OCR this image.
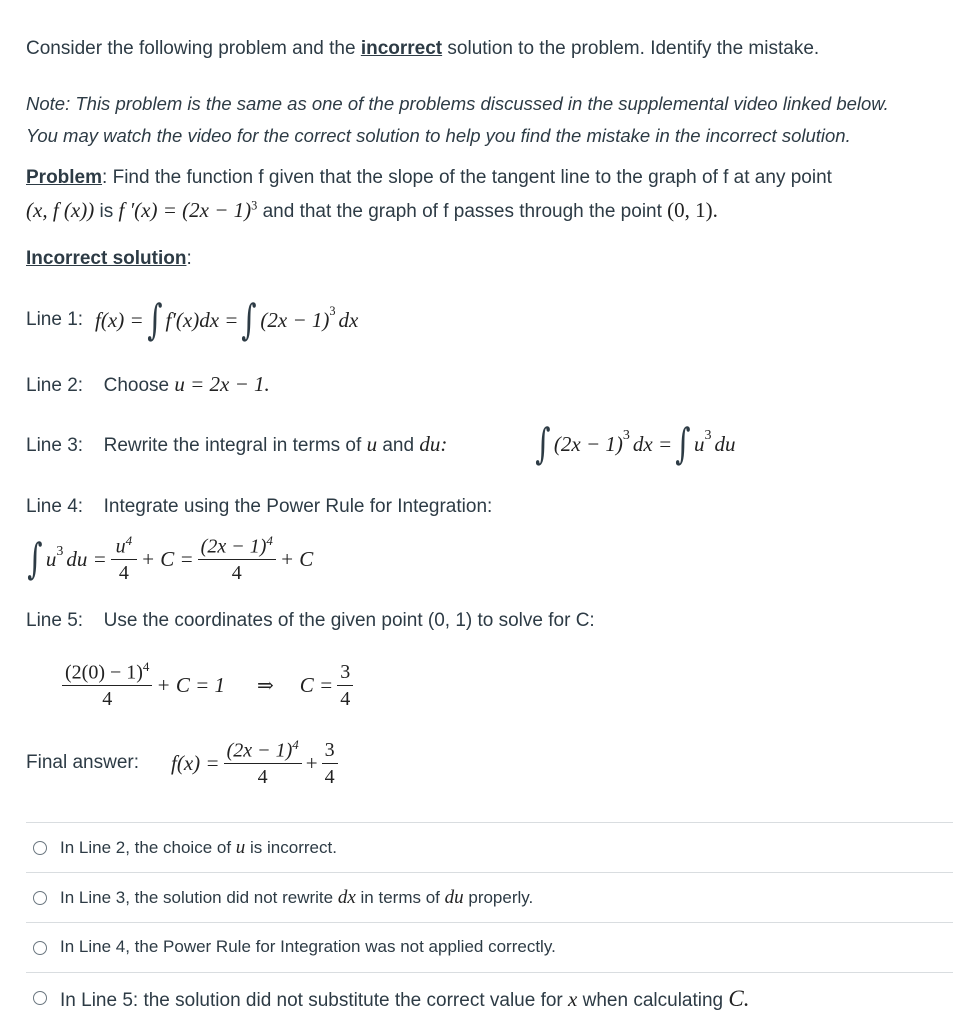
Consider the following problem and the incorrect solution to the problem. Identify the mistake.
Note: This problem is the same as one of the problems discussed in the supplemental video linked below.
You may watch the video for the correct solution to help you find the mistake in the incorrect solution.
Problem: Find the function f given that the slope of the tangent line to the graph of f at any point
(x, f (x)) is f $'(x) = (2x - 1)^3$ and that the graph of f passes through the point (0, 1).
Incorrect solution:
Line 1: f(x) = ∫ f′(x)dx = ∫ $(2x - 1)^3$ dx
Line 2: Choose u = 2x − 1.
Line 3: Rewrite the integral in terms of u and du: ∫ (2x − 1) 3 dx = ∫ u 3 du
Line 4: Integrate using the Power Rule for Integration:
∫ u 3 du = $\frac{u^4}{4} + C = \frac{(2x - 1)^4}{4} + C$
Line 5: Use the coordinates of the given point (0, 1) to solve for C:
$\frac{(2(0) - 1)^4}{4} + C = 1$ ⇒ $C = \frac{3}{4}$
Final answer: $f(x) = \frac{(2x - 1)^4}{4} + \frac{3}{4}$
In Line 2, the choice of u is incorrect.
In Line 3, the solution did not rewrite dx in terms of du properly.
In Line 4, the Power Rule for Integration was not applied correctly.
In Line 5: the solution did not substitute the correct value for x when calculating C.
